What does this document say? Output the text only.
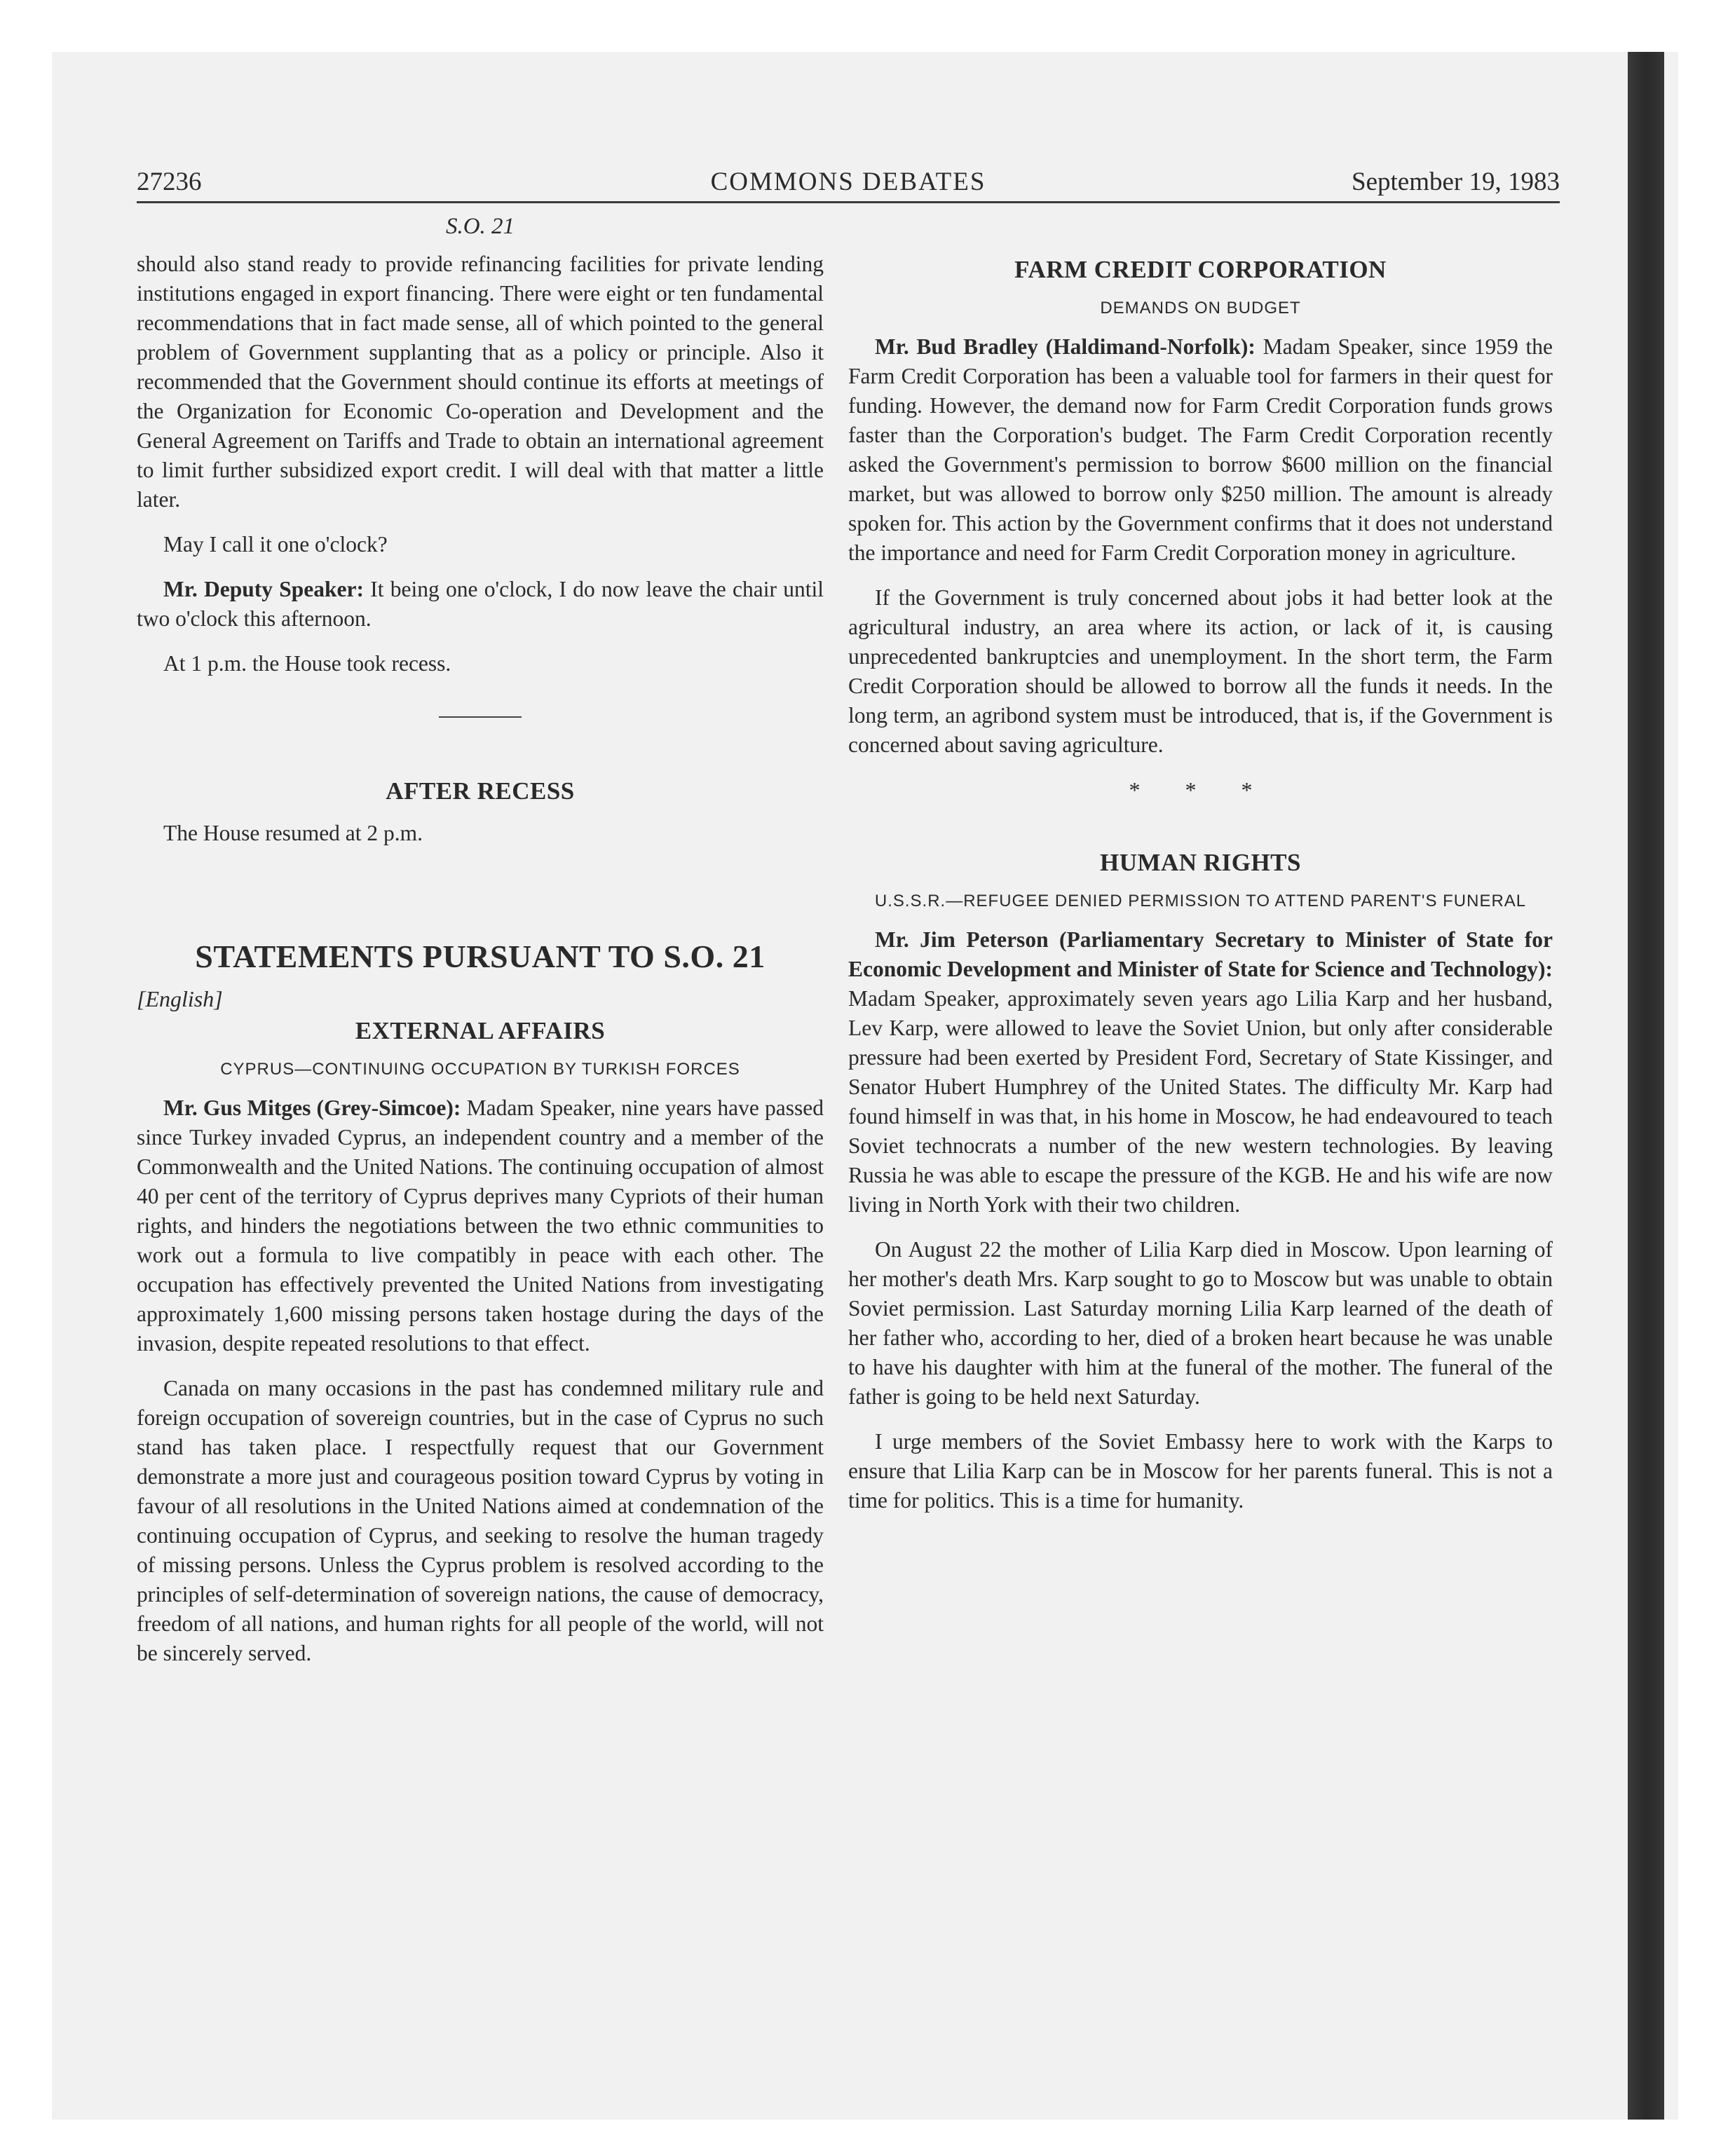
27236	COMMONS DEBATES	September 19, 1983
S.O. 21

should also stand ready to provide refinancing facilities for private lending institutions engaged in export financing. There were eight or ten fundamental recommendations that in fact made sense, all of which pointed to the general problem of Government supplanting that as a policy or principle. Also it recommended that the Government should continue its efforts at meetings of the Organization for Economic Co-operation and Development and the General Agreement on Tariffs and Trade to obtain an international agreement to limit further subsidized export credit. I will deal with that matter a little later.

May I call it one o'clock?

Mr. Deputy Speaker: It being one o'clock, I do now leave the chair until two o'clock this afternoon.

At 1 p.m. the House took recess.

AFTER RECESS

The House resumed at 2 p.m.

STATEMENTS PURSUANT TO S.O. 21
[English]
EXTERNAL AFFAIRS
CYPRUS—CONTINUING OCCUPATION BY TURKISH FORCES

Mr. Gus Mitges (Grey-Simcoe): Madam Speaker, nine years have passed since Turkey invaded Cyprus, an independent country and a member of the Commonwealth and the United Nations. The continuing occupation of almost 40 per cent of the territory of Cyprus deprives many Cypriots of their human rights, and hinders the negotiations between the two ethnic communities to work out a formula to live compatibly in peace with each other. The occupation has effectively prevented the United Nations from investigating approximately 1,600 missing persons taken hostage during the days of the invasion, despite repeated resolutions to that effect.

Canada on many occasions in the past has condemned military rule and foreign occupation of sovereign countries, but in the case of Cyprus no such stand has taken place. I respectfully request that our Government demonstrate a more just and courageous position toward Cyprus by voting in favour of all resolutions in the United Nations aimed at condemnation of the continuing occupation of Cyprus, and seeking to resolve the human tragedy of missing persons. Unless the Cyprus problem is resolved according to the principles of self-determination of sovereign nations, the cause of democracy, freedom of all nations, and human rights for all people of the world, will not be sincerely served.

FARM CREDIT CORPORATION
DEMANDS ON BUDGET

Mr. Bud Bradley (Haldimand-Norfolk): Madam Speaker, since 1959 the Farm Credit Corporation has been a valuable tool for farmers in their quest for funding. However, the demand now for Farm Credit Corporation funds grows faster than the Corporation's budget. The Farm Credit Corporation recently asked the Government's permission to borrow $600 million on the financial market, but was allowed to borrow only $250 million. The amount is already spoken for. This action by the Government confirms that it does not understand the importance and need for Farm Credit Corporation money in agriculture.

If the Government is truly concerned about jobs it had better look at the agricultural industry, an area where its action, or lack of it, is causing unprecedented bankruptcies and unemployment. In the short term, the Farm Credit Corporation should be allowed to borrow all the funds it needs. In the long term, an agribond system must be introduced, that is, if the Government is concerned about saving agriculture.

* * *
HUMAN RIGHTS
U.S.S.R.—REFUGEE DENIED PERMISSION TO ATTEND PARENT'S FUNERAL

Mr. Jim Peterson (Parliamentary Secretary to Minister of State for Economic Development and Minister of State for Science and Technology): Madam Speaker, approximately seven years ago Lilia Karp and her husband, Lev Karp, were allowed to leave the Soviet Union, but only after considerable pressure had been exerted by President Ford, Secretary of State Kissinger, and Senator Hubert Humphrey of the United States. The difficulty Mr. Karp had found himself in was that, in his home in Moscow, he had endeavoured to teach Soviet technocrats a number of the new western technologies. By leaving Russia he was able to escape the pressure of the KGB. He and his wife are now living in North York with their two children.

On August 22 the mother of Lilia Karp died in Moscow. Upon learning of her mother's death Mrs. Karp sought to go to Moscow but was unable to obtain Soviet permission. Last Saturday morning Lilia Karp learned of the death of her father who, according to her, died of a broken heart because he was unable to have his daughter with him at the funeral of the mother. The funeral of the father is going to be held next Saturday.

I urge members of the Soviet Embassy here to work with the Karps to ensure that Lilia Karp can be in Moscow for her parents funeral. This is not a time for politics. This is a time for humanity.
